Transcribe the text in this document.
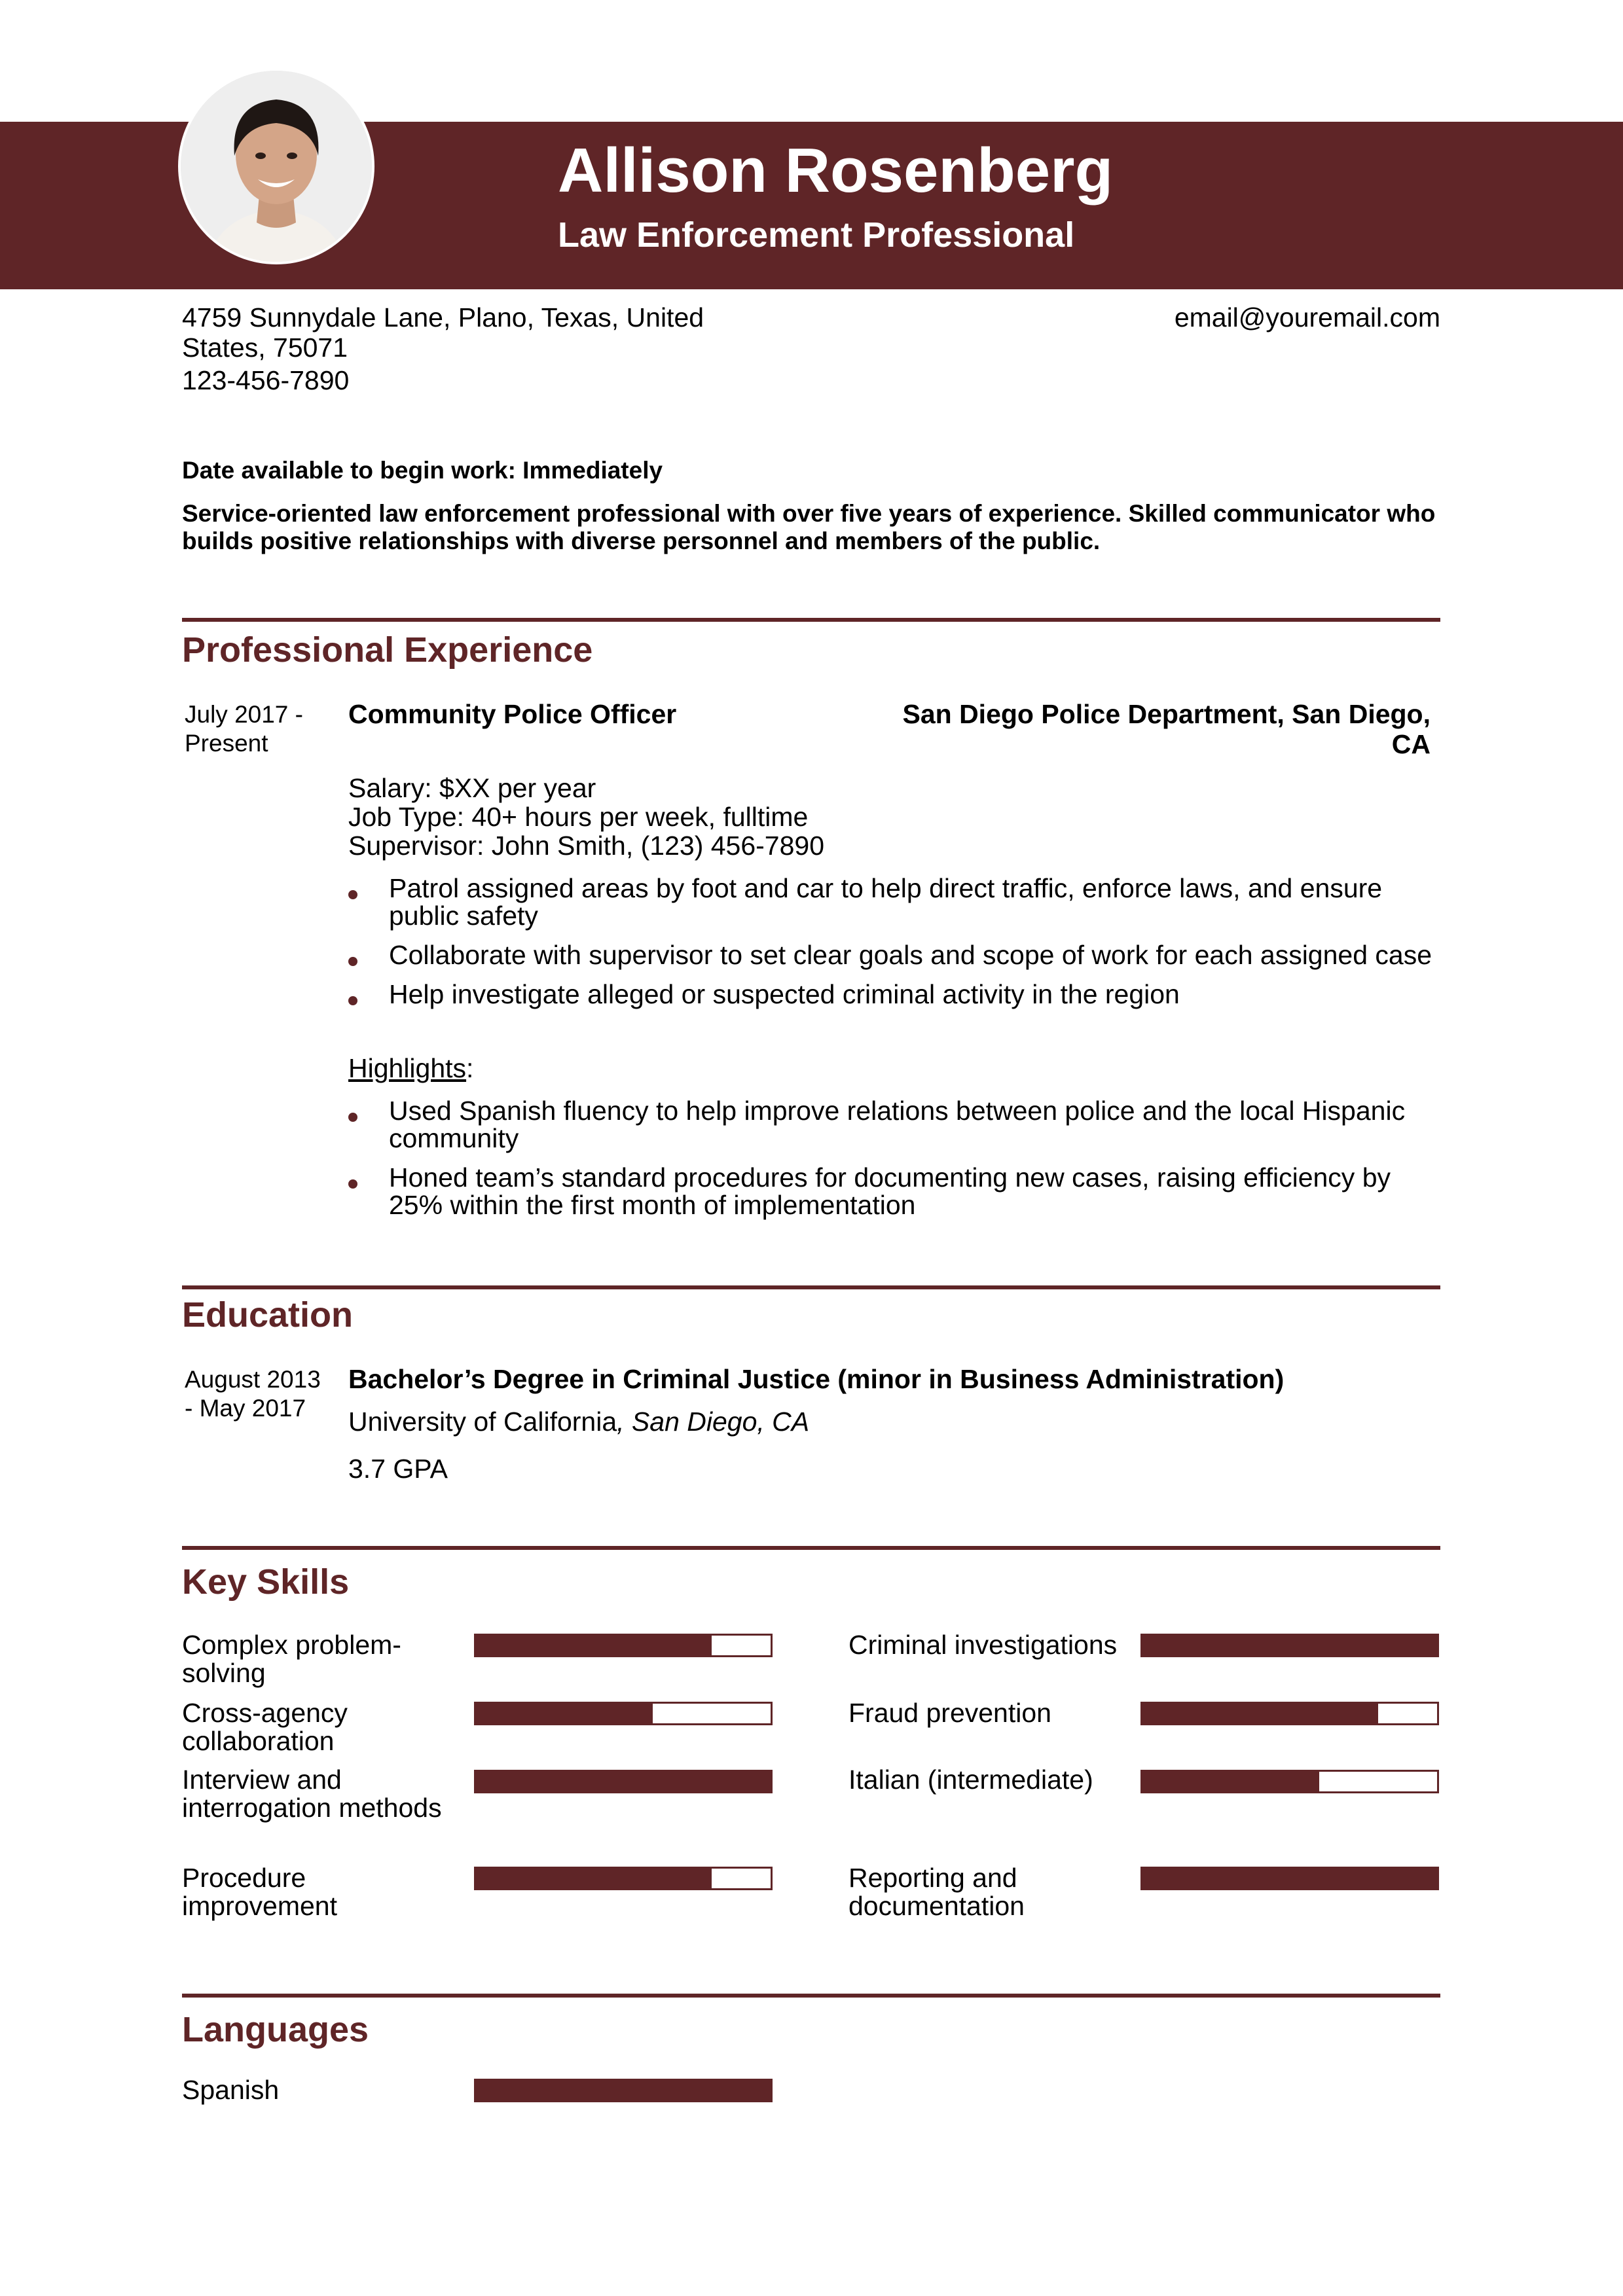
Allison Rosenberg
Law Enforcement Professional
4759 Sunnydale Lane, Plano, Texas, United States, 75071
123-456-7890
email@youremail.com
Date available to begin work: Immediately
Service-oriented law enforcement professional with over five years of experience. Skilled communicator who builds positive relationships with diverse personnel and members of the public.
Professional Experience
July 2017 - Present
Community Police Officer	San Diego Police Department, San Diego, CA
Salary: $XX per year
Job Type: 40+ hours per week, fulltime
Supervisor: John Smith, (123) 456-7890
Patrol assigned areas by foot and car to help direct traffic, enforce laws, and ensure public safety
Collaborate with supervisor to set clear goals and scope of work for each assigned case
Help investigate alleged or suspected criminal activity in the region
Highlights:
Used Spanish fluency to help improve relations between police and the local Hispanic community
Honed team’s standard procedures for documenting new cases, raising efficiency by 25% within the first month of implementation
Education
August 2013 - May 2017
Bachelor’s Degree in Criminal Justice (minor in Business Administration)
University of California, San Diego, CA
3.7 GPA
Key Skills
Complex problem-solving
Cross-agency collaboration
Interview and interrogation methods
Procedure improvement
Criminal investigations
Fraud prevention
Italian (intermediate)
Reporting and documentation
Languages
Spanish
